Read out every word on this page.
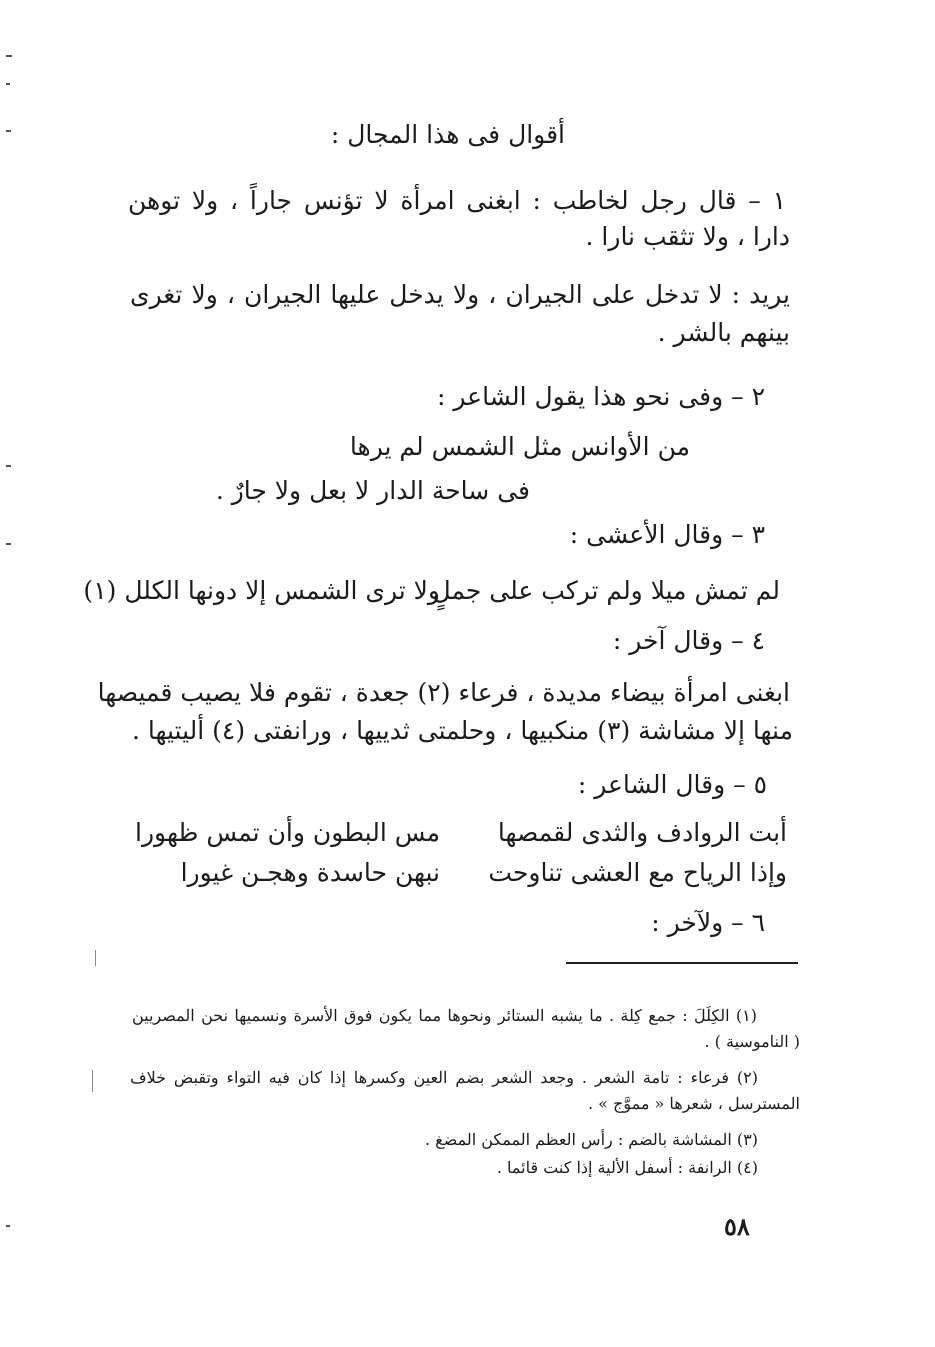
أقوال فى هذا المجال :
١ – قال رجل لخاطب : ابغنى امرأة لا تؤنس جاراً ، ولا توهن
دارا ، ولا تثقب نارا .
يريد : لا تدخل على الجيران ، ولا يدخل عليها الجيران ، ولا تغرى
بينهم بالشر .
٢ – وفى نحو هذا يقول الشاعر :
من الأوانس مثل الشمس لم يرها
فى ساحة الدار لا بعل ولا جارٌ .
٣ – وقال الأعشى :
لم تمش ميلا ولم تركب على جملٍ
ولا ترى الشمس إلا دونها الكلل (١)
٤ – وقال آخر :
ابغنى امرأة بيضاء مديدة ، فرعاء (٢) جعدة ، تقوم فلا يصيب قميصها
منها إلا مشاشة (٣) منكبيها ، وحلمتى ثدييها ، ورانفتى (٤) أليتيها .
٥ – وقال الشاعر :
أبت الروادف والثدى لقمصها
مس البطون وأن تمس ظهورا
وإذا الرياح مع العشى تناوحت
نبهن حاسدة وهجـن غيورا
٦ – ولآخر :
(١) الكِلَلَ : جمع كِلة . ما يشبه الستائر ونحوها مما يكون فوق الأسرة ونسميها نحن المصريين
( الناموسية ) .
(٢) فرعاء : تامة الشعر . وجعد الشعر بضم العين وكسرها إذا كان فيه التواء وتقبض خلاف
المسترسل ، شعرها « مموَّج » .
(٣) المشاشة بالضم : رأس العظم الممكن المضغ .
(٤) الرانفة : أسفل الألية إذا كنت قائما .
٥٨
